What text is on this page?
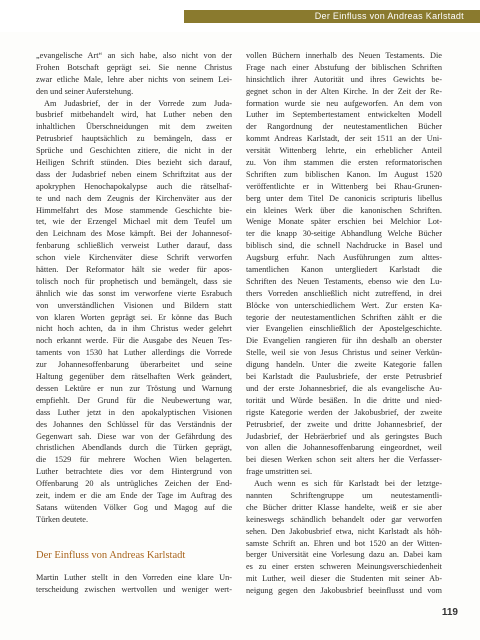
Der Einfluss von Andreas Karlstadt
„evangelische Art“ an sich habe, also nicht von der
Frohen Botschaft geprägt sei. Sie nenne Christus
zwar etliche Male, lehre aber nichts von seinem Lei-
den und seiner Auferstehung.
Am Judasbrief, der in der Vorrede zum Juda-
busbrief mitbehandelt wird, hat Luther neben den
inhaltlichen Überschneidungen mit dem zweiten
Petrusbrief hauptsächlich zu bemängeln, dass er
Sprüche und Geschichten zitiere, die nicht in der
Heiligen Schrift stünden. Dies bezieht sich darauf,
dass der Judasbrief neben einem Schriftzitat aus der
apokryphen Henochapokalypse auch die rätselhaf-
te und nach dem Zeugnis der Kirchenväter aus der
Himmelfahrt des Mose stammende Geschichte bie-
tet, wie der Erzengel Michael mit dem Teufel um
den Leichnam des Mose kämpft. Bei der Johannesof-
fenbarung schließlich verweist Luther darauf, dass
schon viele Kirchenväter diese Schrift verworfen
hätten. Der Reformator hält sie weder für apos-
tolisch noch für prophetisch und bemängelt, dass sie
ähnlich wie das sonst im verworfene vierte Esrabuch
von unverständlichen Visionen und Bildern statt
von klaren Worten geprägt sei. Er könne das Buch
nicht hoch achten, da in ihm Christus weder gelehrt
noch erkannt werde. Für die Ausgabe des Neuen Tes-
taments von 1530 hat Luther allerdings die Vorrede
zur Johannesoffenbarung überarbeitet und seine
Haltung gegenüber dem rätselhaften Werk geändert,
dessen Lektüre er nun zur Tröstung und Warnung
empfiehlt. Der Grund für die Neubewertung war,
dass Luther jetzt in den apokalyptischen Visionen
des Johannes den Schlüssel für das Verständnis der
Gegenwart sah. Diese war von der Gefährdung des
christlichen Abendlands durch die Türken geprägt,
die 1529 für mehrere Wochen Wien belagerten.
Luther betrachtete dies vor dem Hintergrund von
Offenbarung 20 als untrügliches Zeichen der End-
zeit, indem er die am Ende der Tage im Auftrag des
Satans wütenden Völker Gog und Magog auf die
Türken deutete.
Der Einfluss von Andreas Karlstadt
Martin Luther stellt in den Vorreden eine klare Un-
terscheidung zwischen wertvollen und weniger wert-
vollen Büchern innerhalb des Neuen Testaments. Die
Frage nach einer Abstufung der biblischen Schriften
hinsichtlich ihrer Autorität und ihres Gewichts be-
gegnet schon in der Alten Kirche. In der Zeit der Re-
formation wurde sie neu aufgeworfen. An dem von
Luther im Septembertestament entwickelten Modell
der Rangordnung der neutestamentlichen Bücher
kommt Andreas Karlstadt, der seit 1511 an der Uni-
versität Wittenberg lehrte, ein erheblicher Anteil
zu. Von ihm stammen die ersten reformatorischen
Schriften zum biblischen Kanon. Im August 1520
veröffentlichte er in Wittenberg bei Rhau-Grunen-
berg unter dem Titel De canonicis scripturis libellus
ein kleines Werk über die kanonischen Schriften.
Wenige Monate später erschien bei Melchior Lot-
ter die knapp 30-seitige Abhandlung Welche Bücher
biblisch sind, die schnell Nachdrucke in Basel und
Augsburg erfuhr. Nach Ausführungen zum alttes-
tamentlichen Kanon untergliedert Karlstadt die
Schriften des Neuen Testaments, ebenso wie den Lu-
thers Vorreden anschließlich nicht zutreffend, in drei
Blöcke von unterschiedlichem Wert. Zur ersten Ka-
tegorie der neutestamentlichen Schriften zählt er die
vier Evangelien einschließlich der Apostelgeschichte.
Die Evangelien rangieren für ihn deshalb an oberster
Stelle, weil sie von Jesus Christus und seiner Verkün-
digung handeln. Unter die zweite Kategorie fallen
bei Karlstadt die Paulusbriefe, der erste Petrusbrief
und der erste Johannesbrief, die als evangelische Au-
torität und Würde besäßen. In die dritte und nied-
rigste Kategorie werden der Jakobusbrief, der zweite
Petrusbrief, der zweite und dritte Johannesbrief, der
Judasbrief, der Hebräerbrief und als geringstes Buch
von allen die Johannesoffenbarung eingeordnet, weil
bei diesen Werken schon seit alters her die Verfasser-
frage umstritten sei.
Auch wenn es sich für Karlstadt bei der letztge-
nannten Schriftengruppe um neutestamentli-
che Bücher dritter Klasse handelte, weiß er sie aber
keineswegs schändlich behandelt oder gar verworfen
sehen. Den Jakobusbrief etwa, nicht Karlstadt als höh-
samste Schrift an. Ehren und bot 1520 an der Witten-
berger Universität eine Vorlesung dazu an. Dabei kam
es zu einer ersten schweren Meinungsverschiedenheit
mit Luther, weil dieser die Studenten mit seiner Ab-
neigung gegen den Jakobusbrief beeinflusst und vom
119
